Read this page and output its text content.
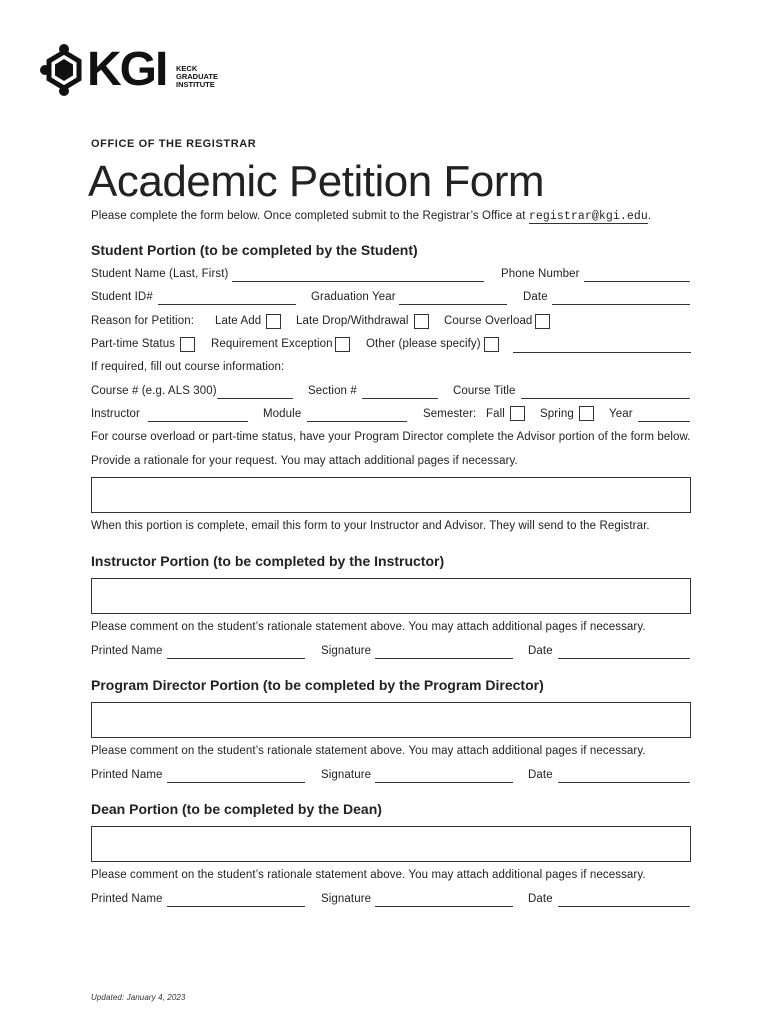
KGI KECK
GRADUATE
INSTITUTE
OFFICE OF THE REGISTRAR
Academic Petition Form
Please complete the form below. Once completed submit to the Registrar’s Office at registrar@kgi.edu.
Student Portion (to be completed by the Student)
Student Name (Last, First)	Phone Number
Student ID#	Graduation Year	Date
Reason for Petition: Late Add	Late Drop/Withdrawal	Course Overload
Part-time Status	Requirement Exception	Other (please specify)
If required, fill out course information:
Course # (e.g. ALS 300)	Section #	Course Title
Instructor	Module	Semester: Fall	Spring	Year
For course overload or part-time status, have your Program Director complete the Advisor portion of the form below.
Provide a rationale for your request. You may attach additional pages if necessary.
When this portion is complete, email this form to your Instructor and Advisor. They will send to the Registrar.
Instructor Portion (to be completed by the Instructor)
Please comment on the student’s rationale statement above. You may attach additional pages if necessary.
Printed Name	Signature	Date
Program Director Portion (to be completed by the Program Director)
Please comment on the student’s rationale statement above. You may attach additional pages if necessary.
Printed Name	Signature	Date
Dean Portion (to be completed by the Dean)
Please comment on the student’s rationale statement above. You may attach additional pages if necessary.
Printed Name	Signature	Date
Updated: January 4, 2023
